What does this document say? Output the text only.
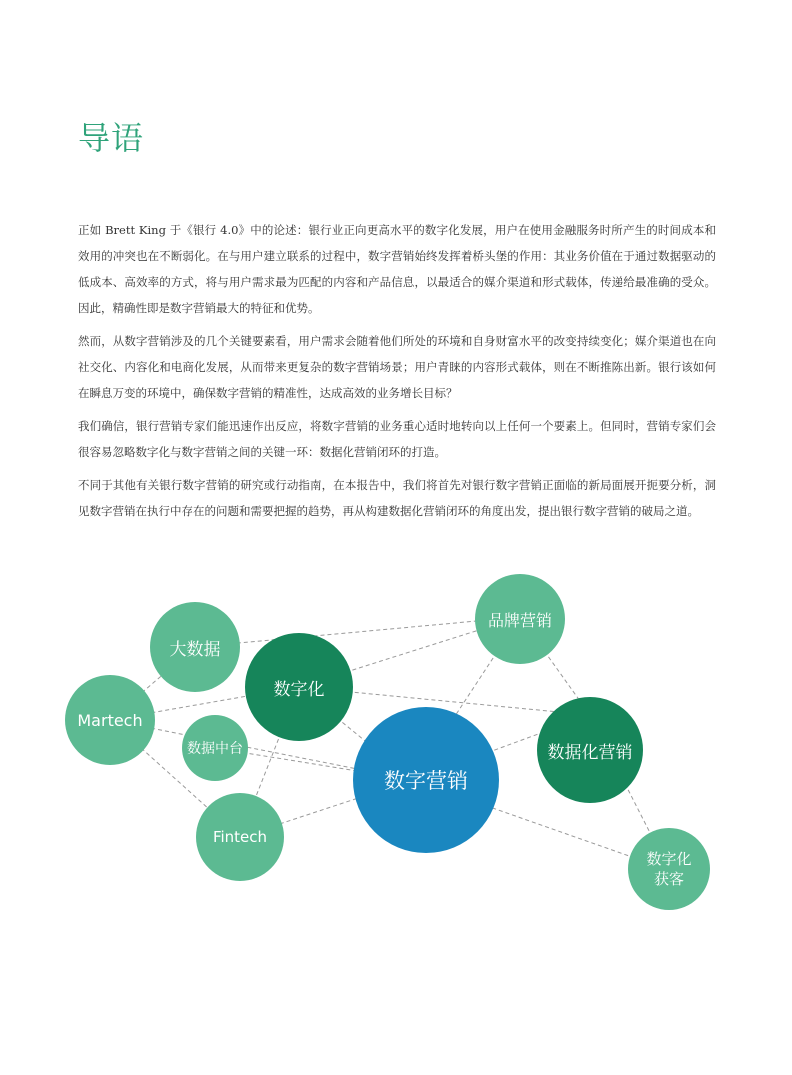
导语

正如 Brett King 于《银行 4.0》中的论述：银行业正向更高水平的数字化发展，用户在使用金融服务时所产生的时间成本和效用的冲突也在不断弱化。在与用户建立联系的过程中，数字营销始终发挥着桥头堡的作用：其业务价值在于通过数据驱动的低成本、高效率的方式，将与用户需求最为匹配的内容和产品信息，以最适合的媒介渠道和形式载体，传递给最准确的受众。因此，精确性即是数字营销最大的特征和优势。

然而，从数字营销涉及的几个关键要素看，用户需求会随着他们所处的环境和自身财富水平的改变持续变化；媒介渠道也在向社交化、内容化和电商化发展，从而带来更复杂的数字营销场景；用户青睐的内容形式载体，则在不断推陈出新。银行该如何在瞬息万变的环境中，确保数字营销的精准性，达成高效的业务增长目标？

我们确信，银行营销专家们能迅速作出反应，将数字营销的业务重心适时地转向以上任何一个要素上。但同时，营销专家们会很容易忽略数字化与数字营销之间的关键一环：数据化营销闭环的打造。

不同于其他有关银行数字营销的研究或行动指南，在本报告中，我们将首先对银行数字营销正面临的新局面展开扼要分析，洞见数字营销在执行中存在的问题和需要把握的趋势，再从构建数据化营销闭环的角度出发，提出银行数字营销的破局之道。

大数据
Martech
数字化
数据中台
Fintech
品牌营销
数据化营销
数字营销
数字化
获客
